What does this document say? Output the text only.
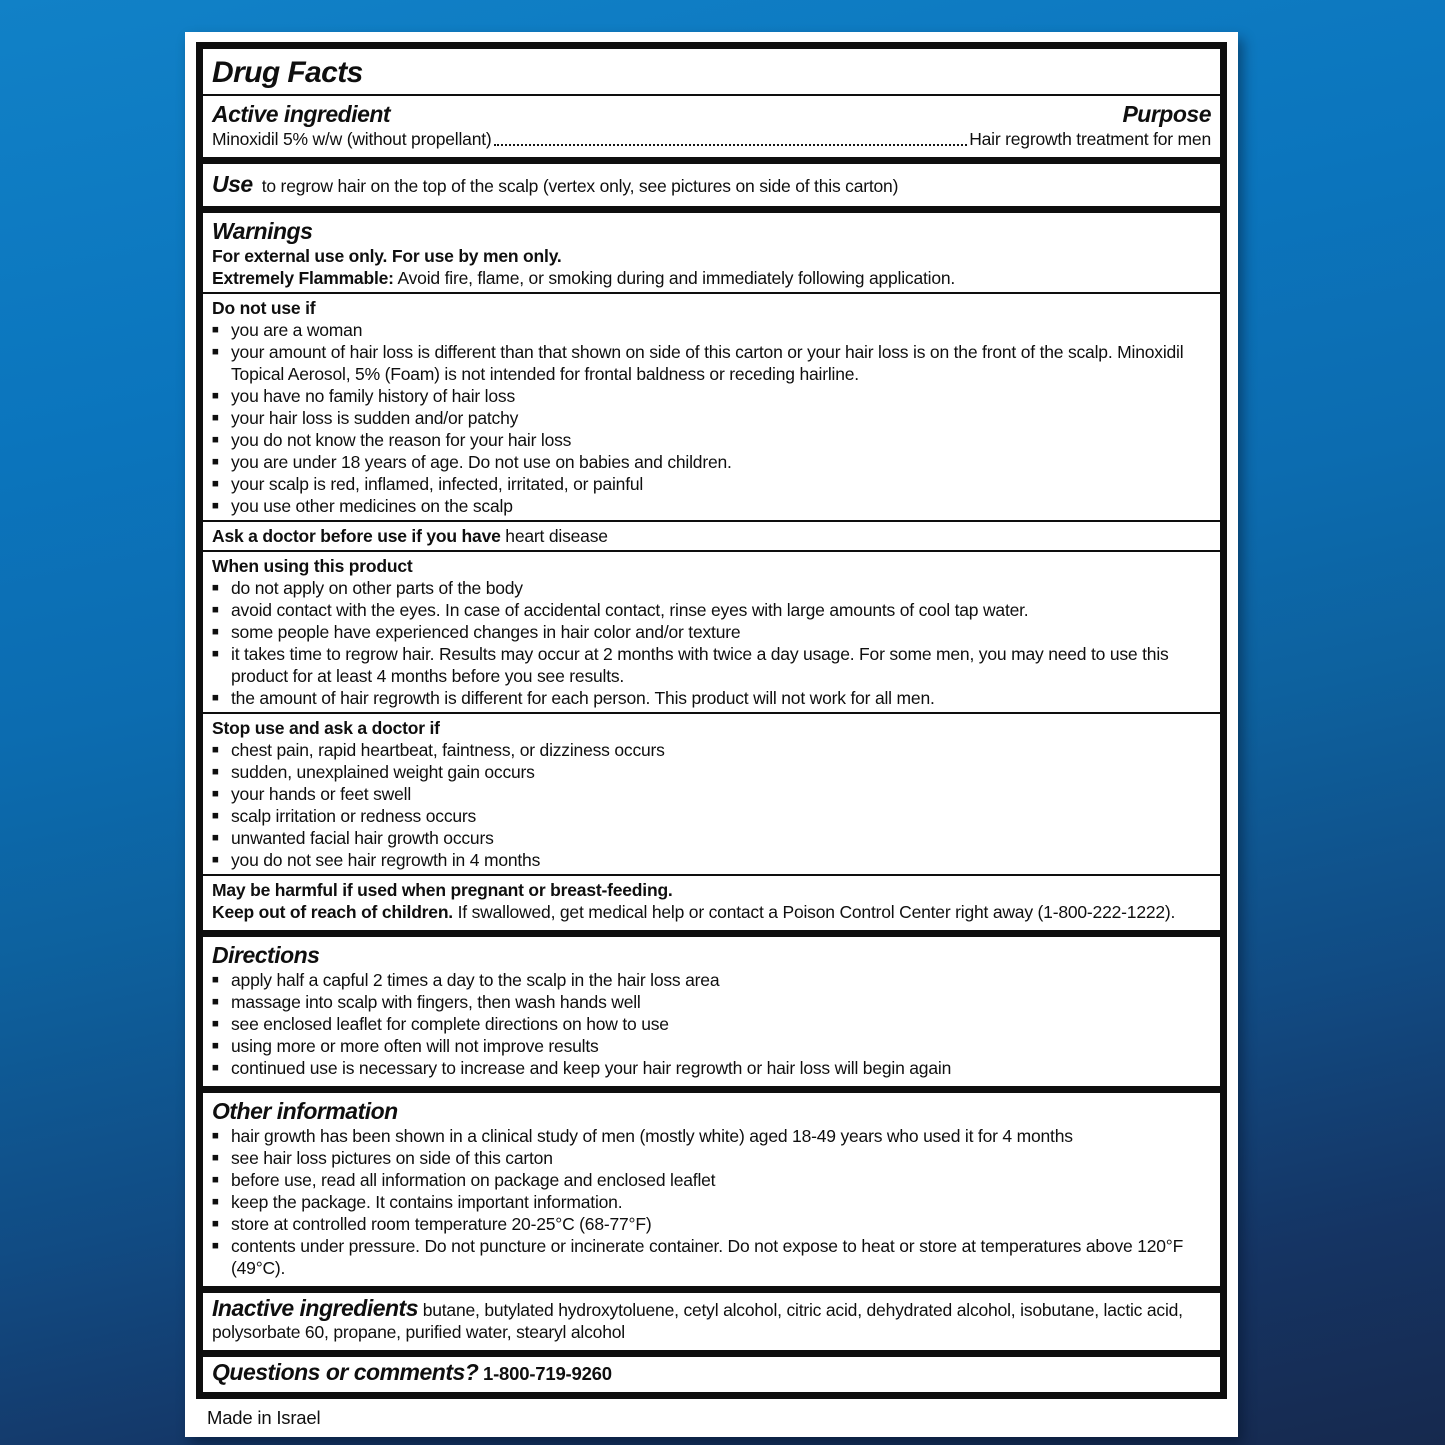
Drug Facts
Active ingredient	Purpose
Minoxidil 5% w/w (without propellant)	Hair regrowth treatment for men
Use to regrow hair on the top of the scalp (vertex only, see pictures on side of this carton)
Warnings

For external use only. For use by men only.

Extremely Flammable: Avoid fire, flame, or smoking during and immediately following application.

Do not use if

■ you are a woman
■ your amount of hair loss is different than that shown on side of this carton or your hair loss is on the front of the scalp. Minoxidil Topical Aerosol, 5% (Foam) is not intended for frontal baldness or receding hairline.
■ you have no family history of hair loss
■ your hair loss is sudden and/or patchy
■ you do not know the reason for your hair loss
■ you are under 18 years of age. Do not use on babies and children.
■ your scalp is red, inflamed, infected, irritated, or painful
■ you use other medicines on the scalp

Ask a doctor before use if you have heart disease

When using this product

■ do not apply on other parts of the body
■ avoid contact with the eyes. In case of accidental contact, rinse eyes with large amounts of cool tap water.
■ some people have experienced changes in hair color and/or texture
■ it takes time to regrow hair. Results may occur at 2 months with twice a day usage. For some men, you may need to use this product for at least 4 months before you see results.
■ the amount of hair regrowth is different for each person. This product will not work for all men.

Stop use and ask a doctor if

■ chest pain, rapid heartbeat, faintness, or dizziness occurs
■ sudden, unexplained weight gain occurs
■ your hands or feet swell
■ scalp irritation or redness occurs
■ unwanted facial hair growth occurs
■ you do not see hair regrowth in 4 months

May be harmful if used when pregnant or breast-feeding.

Keep out of reach of children. If swallowed, get medical help or contact a Poison Control Center right away (1-800-222-1222).

Directions
■ apply half a capful 2 times a day to the scalp in the hair loss area
■ massage into scalp with fingers, then wash hands well
■ see enclosed leaflet for complete directions on how to use
■ using more or more often will not improve results
■ continued use is necessary to increase and keep your hair regrowth or hair loss will begin again
Other information
■ hair growth has been shown in a clinical study of men (mostly white) aged 18-49 years who used it for 4 months
■ see hair loss pictures on side of this carton
■ before use, read all information on package and enclosed leaflet
■ keep the package. It contains important information.
■ store at controlled room temperature 20-25°C (68-77°F)
■ contents under pressure. Do not puncture or incinerate container. Do not expose to heat or store at temperatures above 120°F (49°C).

Inactive ingredients butane, butylated hydroxytoluene, cetyl alcohol, citric acid, dehydrated alcohol, isobutane, lactic acid, polysorbate 60, propane, purified water, stearyl alcohol

Questions or comments? 1-800-719-9260

Made in Israel
